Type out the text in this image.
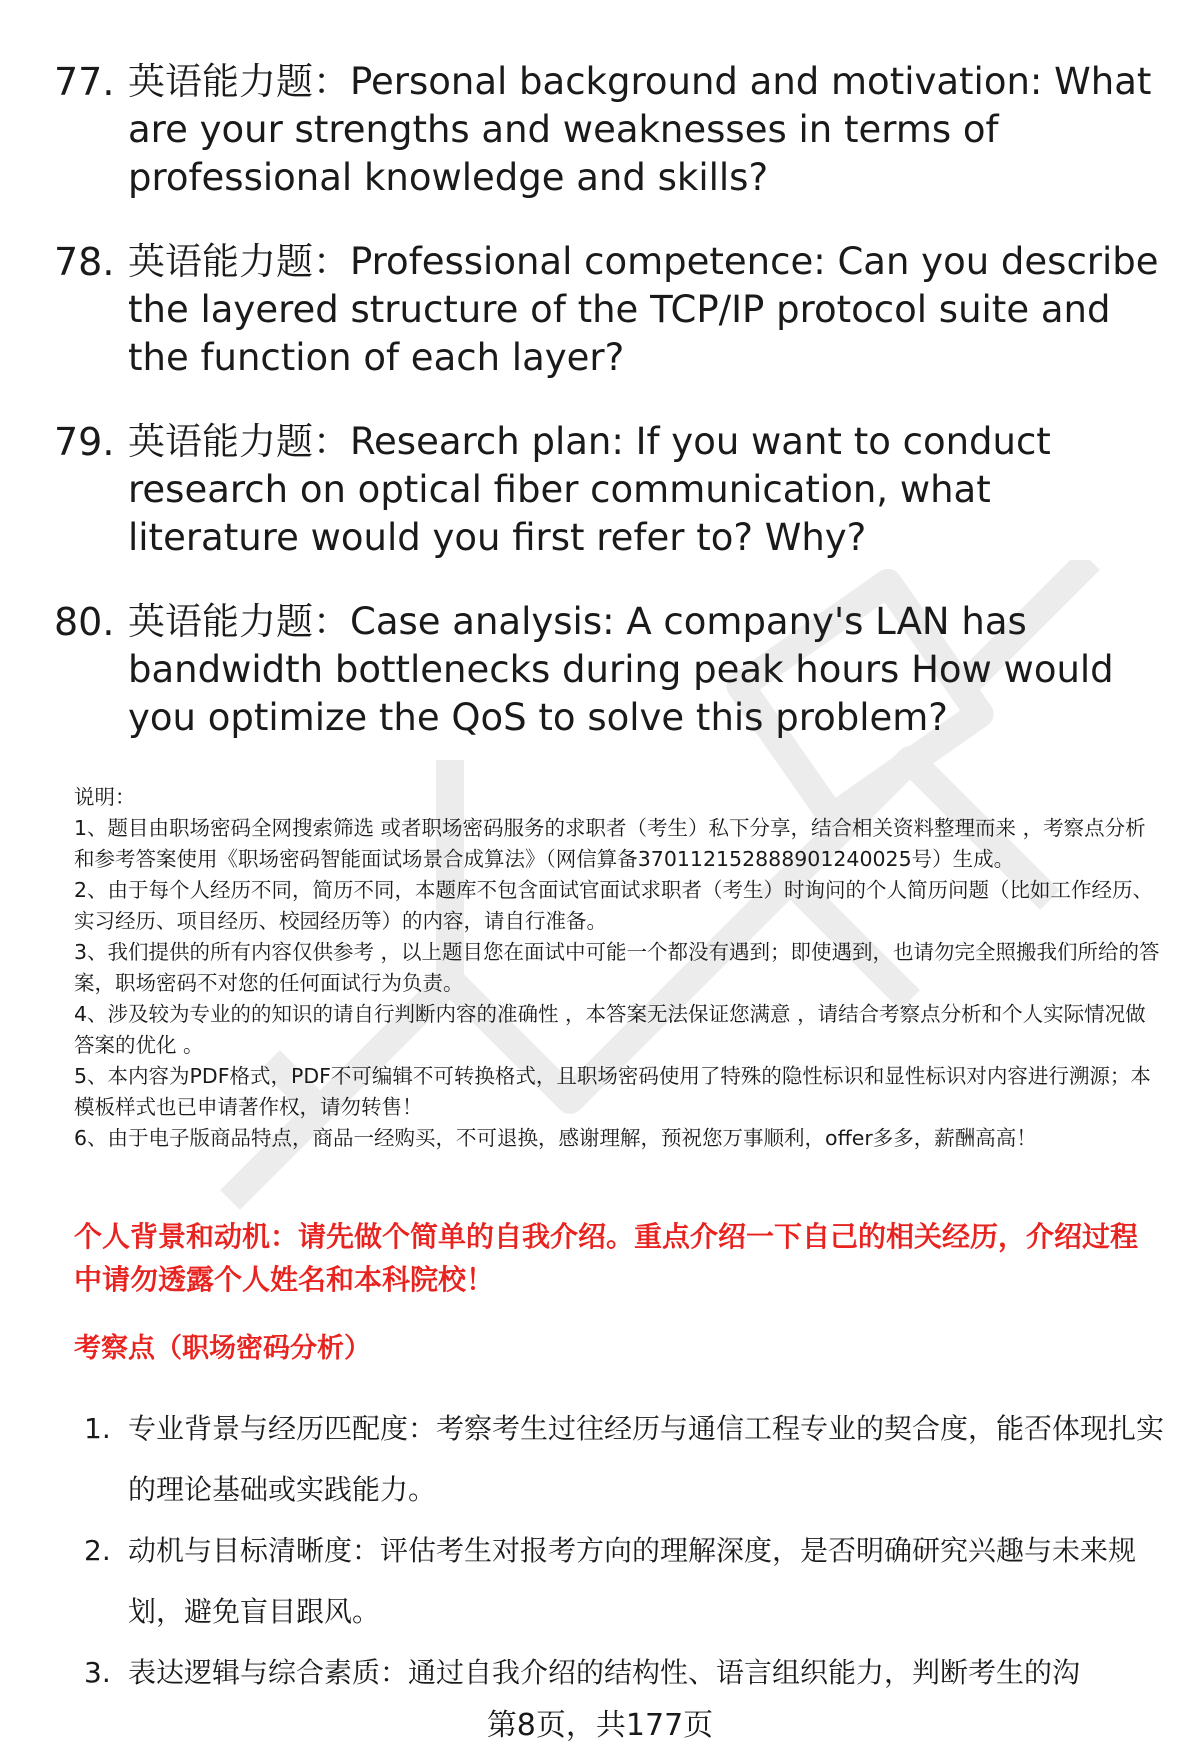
77. 英语能力题：Personal background and motivation: What are your strengths and weaknesses in terms of professional knowledge and skills?
78. 英语能力题：Professional competence: Can you describe the layered structure of the TCP/IP protocol suite and the function of each layer?
79. 英语能力题：Research plan: If you want to conduct research on optical fiber communication, what literature would you first refer to? Why?
80. 英语能力题：Case analysis: A company's LAN has bandwidth bottlenecks during peak hours How would you optimize the QoS to solve this problem?

说明：

1、题目由职场密码全网搜索筛选 或者职场密码服务的求职者（考生）私下分享，结合相关资料整理而来 ，考察点分析和参考答案使用《职场密码智能面试场景合成算法》（网信算备370112152888901240025号）生成。

2、由于每个人经历不同，简历不同，本题库不包含面试官面试求职者（考生）时询问的个人简历问题（比如工作经历、实习经历、项目经历、校园经历等）的内容，请自行准备。

3、我们提供的所有内容仅供参考 ，以上题目您在面试中可能一个都没有遇到；即使遇到，也请勿完全照搬我们所给的答案，职场密码不对您的任何面试行为负责。

4、涉及较为专业的的知识的请自行判断内容的准确性 ，本答案无法保证您满意 ，请结合考察点分析和个人实际情况做答案的优化 。

5、本内容为PDF格式，PDF不可编辑不可转换格式，且职场密码使用了特殊的隐性标识和显性标识对内容进行溯源；本模板样式也已申请著作权，请勿转售！

6、由于电子版商品特点，商品一经购买，不可退换，感谢理解，预祝您万事顺利，offer多多，薪酬高高！

个人背景和动机：请先做个简单的自我介绍。重点介绍一下自己的相关经历，介绍过程中请勿透露个人姓名和本科院校！
考察点（职场密码分析）
1. 专业背景与经历匹配度：考察考生过往经历与通信工程专业的契合度，能否体现扎实的理论基础或实践能力。
2. 动机与目标清晰度：评估考生对报考方向的理解深度，是否明确研究兴趣与未来规划，避免盲目跟风。
3. 表达逻辑与综合素质：通过自我介绍的结构性、语言组织能力，判断考生的沟
第8页，共177页
